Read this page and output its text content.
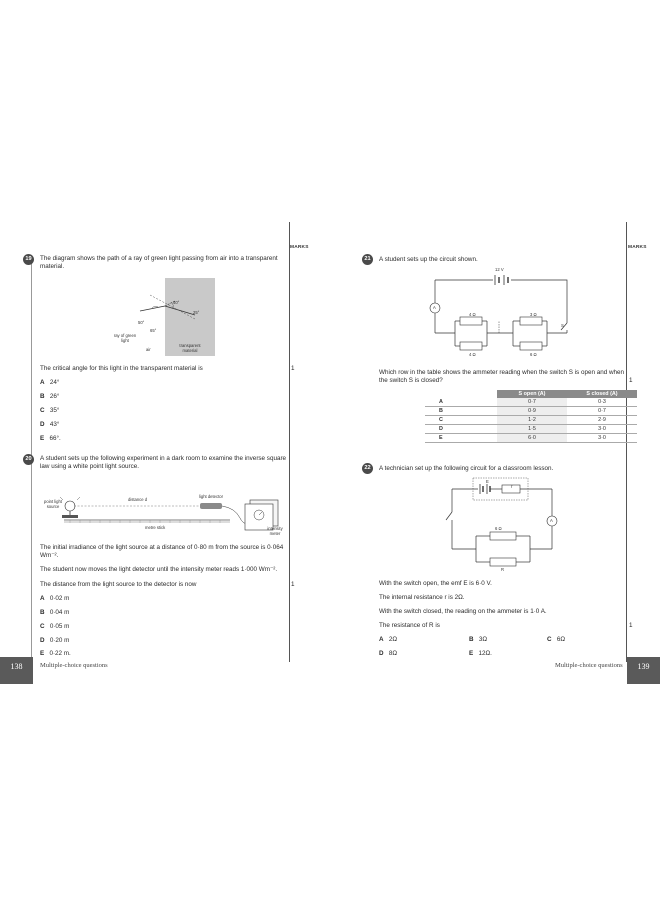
19	The diagram shows the path of a ray of green light passing from air into a transparent material.
40°
25°
50°
65°
ray of green light
air
transparent material
The critical angle for this light in the transparent material is	1
A 24°
B 26°
C 35°
D 43°
E 66°.
20	A student sets up the following experiment in a dark room to examine the inverse square law using a white point light source.
point light source
distance d
light detector
metre stick	intensity meter
The initial irradiance of the light source at a distance of 0·80 m from the source is 0·064 Wm⁻².
The student now moves the light detector until the intensity meter reads 1·000 Wm⁻².
The distance from the light source to the detector is now	1
A 0·02 m
B 0·04 m
C 0·05 m
D 0·20 m
E 0·22 m.
138	Multiple-choice questions
MARKS	MARKS
21	A student sets up the circuit shown.
12 V
A
4 Ω	3 Ω
S
4 Ω	6 Ω
Which row in the table shows the ammeter reading when the switch S is open and when the switch S is closed?	1
	S open (A)	S closed (A)
A	0·7	0·3
B	0·9	0·7
C	1·2	2·9
D	1·5	3·0
E	6·0	3·0
22	A technician set up the following circuit for a classroom lesson.
E
r
A
6 Ω
R
With the switch open, the emf E is 6·0 V.
The internal resistance r is 2Ω.
With the switch closed, the reading on the ammeter is 1·0 A.
The resistance of R is	1
A 2Ω	B 3Ω	C 6Ω
D 8Ω	E 12Ω.
Multiple-choice questions	139
